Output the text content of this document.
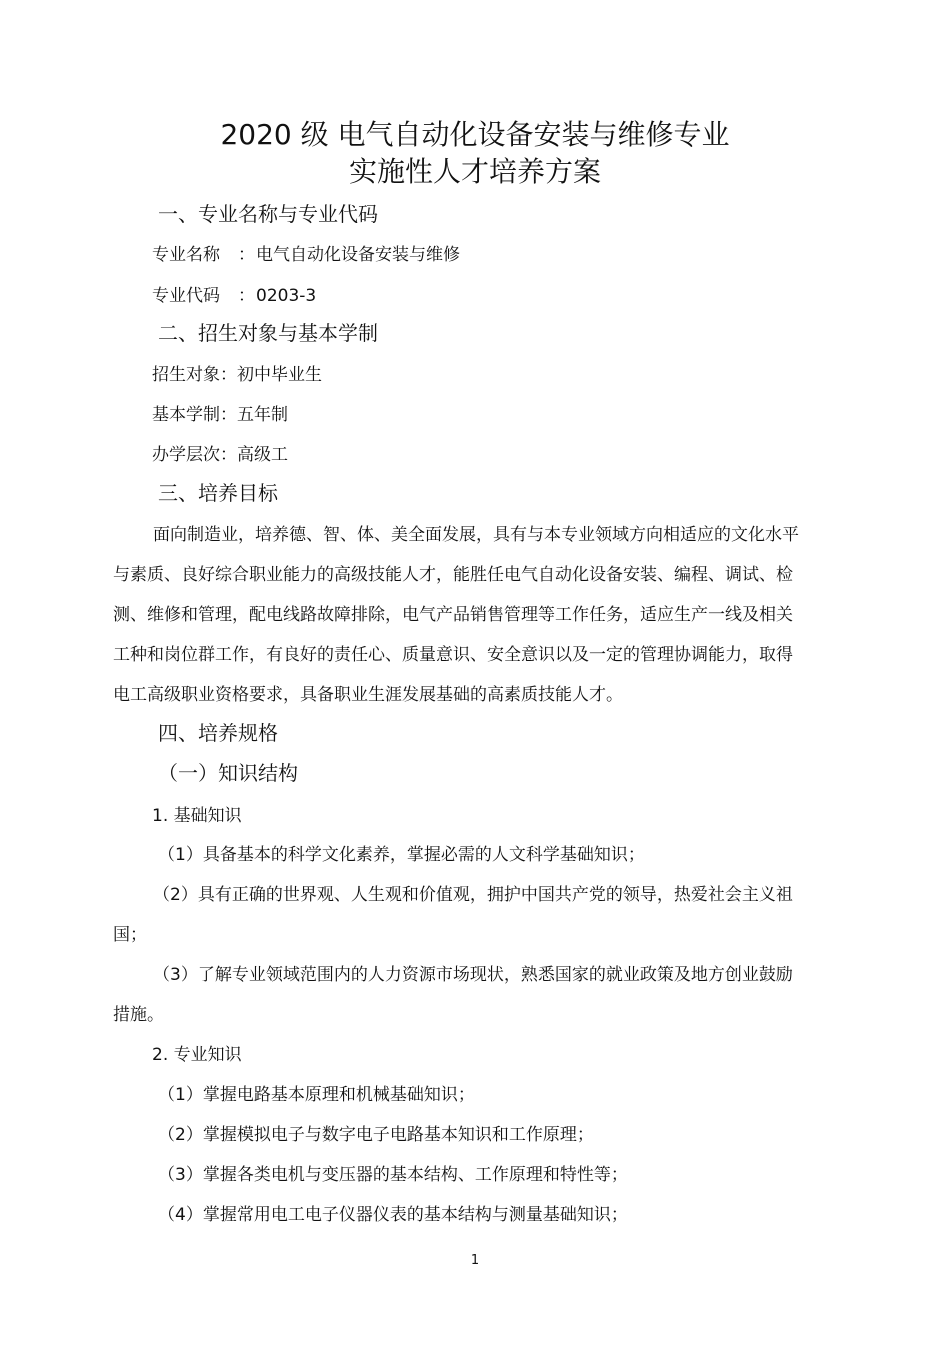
2020 级 电气自动化设备安装与维修专业
实施性人才培养方案
一、专业名称与专业代码
专业名称 ：电气自动化设备安装与维修
专业代码 ：0203-3
二、招生对象与基本学制
招生对象：初中毕业生
基本学制：五年制
办学层次：高级工
三、培养目标
面向制造业，培养德、智、体、美全面发展，具有与本专业领域方向相适应的文化水平与素质、良好综合职业能力的高级技能人才，能胜任电气自动化设备安装、编程、调试、检测、维修和管理，配电线路故障排除，电气产品销售管理等工作任务，适应生产一线及相关工种和岗位群工作，有良好的责任心、质量意识、安全意识以及一定的管理协调能力，取得电工高级职业资格要求，具备职业生涯发展基础的高素质技能人才。
四、培养规格
（一）知识结构
1. 基础知识
（1）具备基本的科学文化素养，掌握必需的人文科学基础知识；
（2）具有正确的世界观、人生观和价值观，拥护中国共产党的领导，热爱社会主义祖国；
（3）了解专业领域范围内的人力资源市场现状，熟悉国家的就业政策及地方创业鼓励措施。
2. 专业知识
（1）掌握电路基本原理和机械基础知识；
（2）掌握模拟电子与数字电子电路基本知识和工作原理；
（3）掌握各类电机与变压器的基本结构、工作原理和特性等；
（4）掌握常用电工电子仪器仪表的基本结构与测量基础知识；
1
